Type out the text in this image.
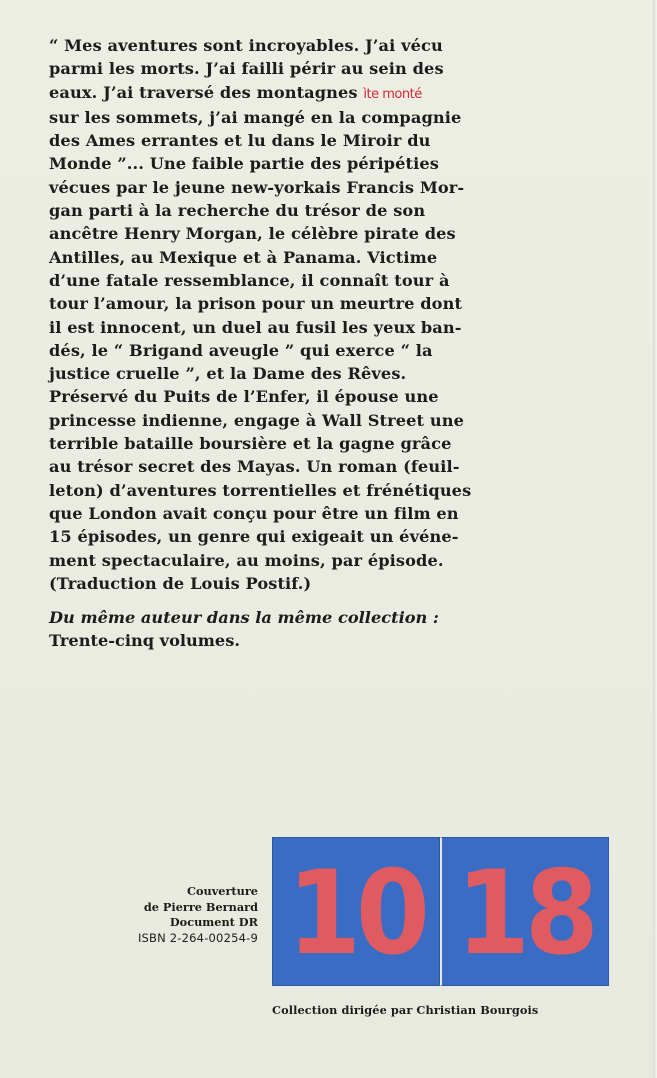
“ Mes aventures sont incroyables. J’ai vécu

parmi les morts. J’ai failli périr au sein des

eaux. J’ai traversé des montagnes ìte monté

sur les sommets, j’ai mangé en la compagnie

des Ames errantes et lu dans le Miroir du

Monde ”... Une faible partie des péripéties

vécues par le jeune new-yorkais Francis Mor-

gan parti à la recherche du trésor de son

ancêtre Henry Morgan, le célèbre pirate des

Antilles, au Mexique et à Panama. Victime

d’une fatale ressemblance, il connaît tour à

tour l’amour, la prison pour un meurtre dont

il est innocent, un duel au fusil les yeux ban-

dés, le “ Brigand aveugle ” qui exerce “ la

justice cruelle ”, et la Dame des Rêves.

Préservé du Puits de l’Enfer, il épouse une

princesse indienne, engage à Wall Street une

terrible bataille boursière et la gagne grâce

au trésor secret des Mayas. Un roman (feuil-

leton) d’aventures torrentielles et frénétiques

que London avait conçu pour être un film en

15 épisodes, un genre qui exigeait un événe-

ment spectaculaire, au moins, par épisode.

(Traduction de Louis Postif.)

Du même auteur dans la même collection :
Trente-cinq volumes.
Couverture
de Pierre Bernard
Document DR
ISBN 2-264-00254-9 10 18
Collection dirigée par Christian Bourgois
